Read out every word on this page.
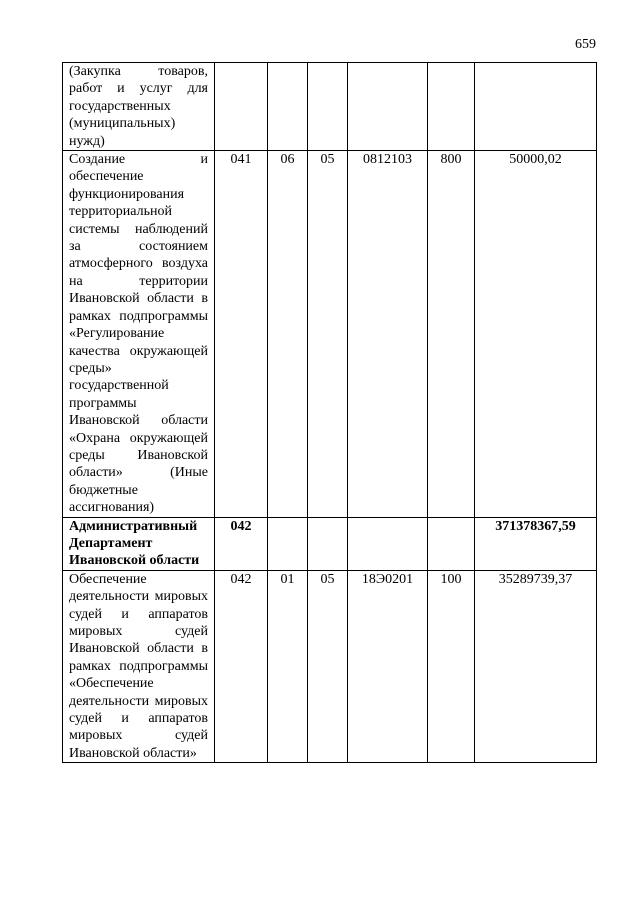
659
(Закупка товаров, работ и услуг для государственных (муниципальных) нужд)						
Создание и обеспечение функционирования территориальной системы наблюдений за состоянием атмосферного воздуха на территории Ивановской области в рамках подпрограммы «Регулирование качества окружающей среды» государственной программы Ивановской области «Охрана окружающей среды Ивановской области» (Иные бюджетные ассигнования)	041	06	05	0812103	800	50000,02
Административный Департамент Ивановской области	042					371378367,59
Обеспечение деятельности мировых судей и аппаратов мировых судей Ивановской области в рамках подпрограммы «Обеспечение деятельности мировых судей и аппаратов мировых судей Ивановской области»	042	01	05	18Э0201	100	35289739,37
